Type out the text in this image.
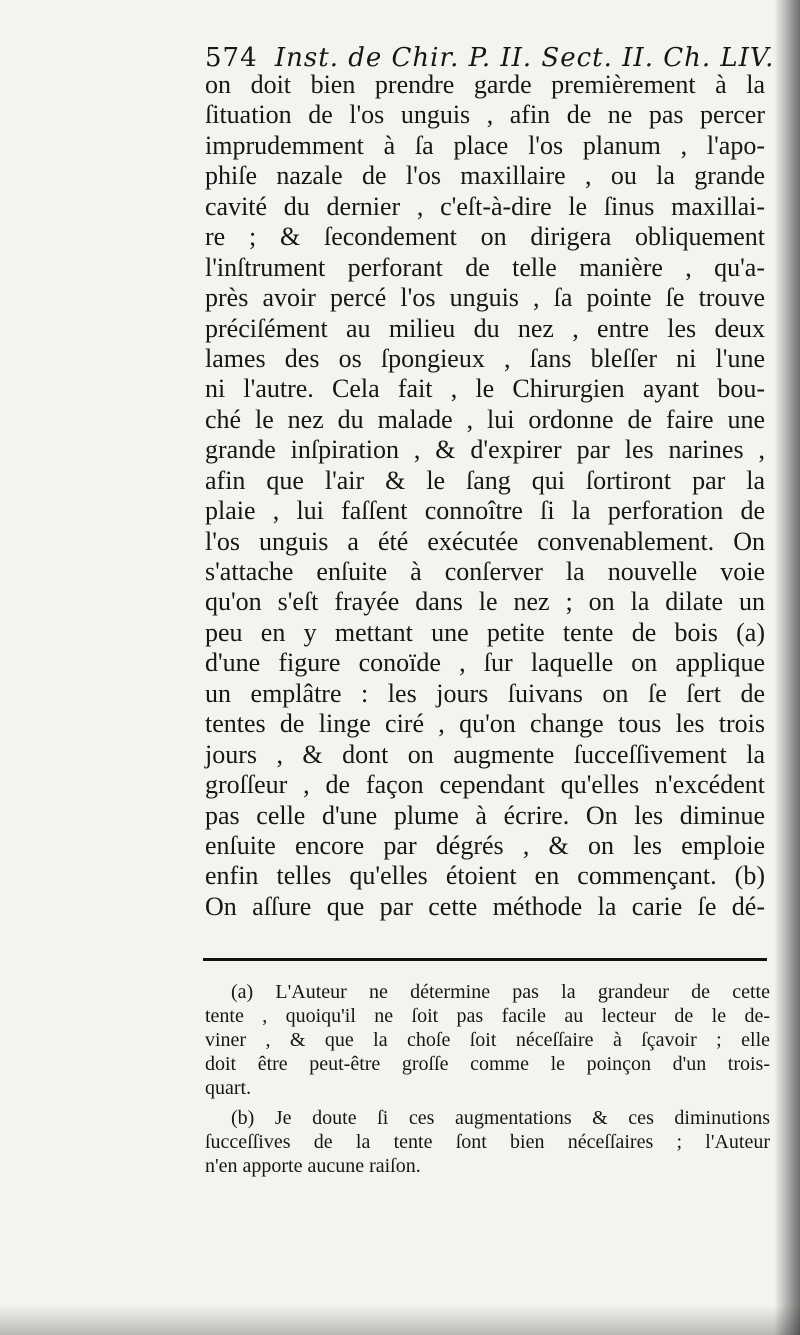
574 Inst. de Chir. P. II. Sect. II. Ch. LIV.
on doit bien prendre garde premièrement à la
ſituation de l'os unguis , afin de ne pas percer
imprudemment à ſa place l'os planum , l'apo-
phiſe nazale de l'os maxillaire , ou la grande
cavité du dernier , c'eſt-à-dire le ſinus maxillai-
re ; & ſecondement on dirigera obliquement
l'inſtrument perforant de telle manière , qu'a-
près avoir percé l'os unguis , ſa pointe ſe trouve
préciſément au milieu du nez , entre les deux
lames des os ſpongieux , ſans bleſſer ni l'une
ni l'autre. Cela fait , le Chirurgien ayant bou-
ché le nez du malade , lui ordonne de faire une
grande inſpiration , & d'expirer par les narines ,
afin que l'air & le ſang qui ſortiront par la
plaie , lui faſſent connoître ſi la perforation de
l'os unguis a été exécutée convenablement. On
s'attache enſuite à conſerver la nouvelle voie
qu'on s'eſt frayée dans le nez ; on la dilate un
peu en y mettant une petite tente de bois (a)
d'une figure conoïde , ſur laquelle on applique
un emplâtre : les jours ſuivans on ſe ſert de
tentes de linge ciré , qu'on change tous les trois
jours , & dont on augmente ſucceſſivement la
groſſeur , de façon cependant qu'elles n'excédent
pas celle d'une plume à écrire. On les diminue
enſuite encore par dégrés , & on les emploie
enfin telles qu'elles étoient en commençant. (b)
On aſſure que par cette méthode la carie ſe dé-
(a) L'Auteur ne détermine pas la grandeur de cette
tente , quoiqu'il ne ſoit pas facile au lecteur de le de-
viner , & que la choſe ſoit néceſſaire à ſçavoir ; elle
doit être peut-être groſſe comme le poinçon d'un trois-
quart.
(b) Je doute ſi ces augmentations & ces diminutions
ſucceſſives de la tente ſont bien néceſſaires ; l'Auteur
n'en apporte aucune raiſon.
